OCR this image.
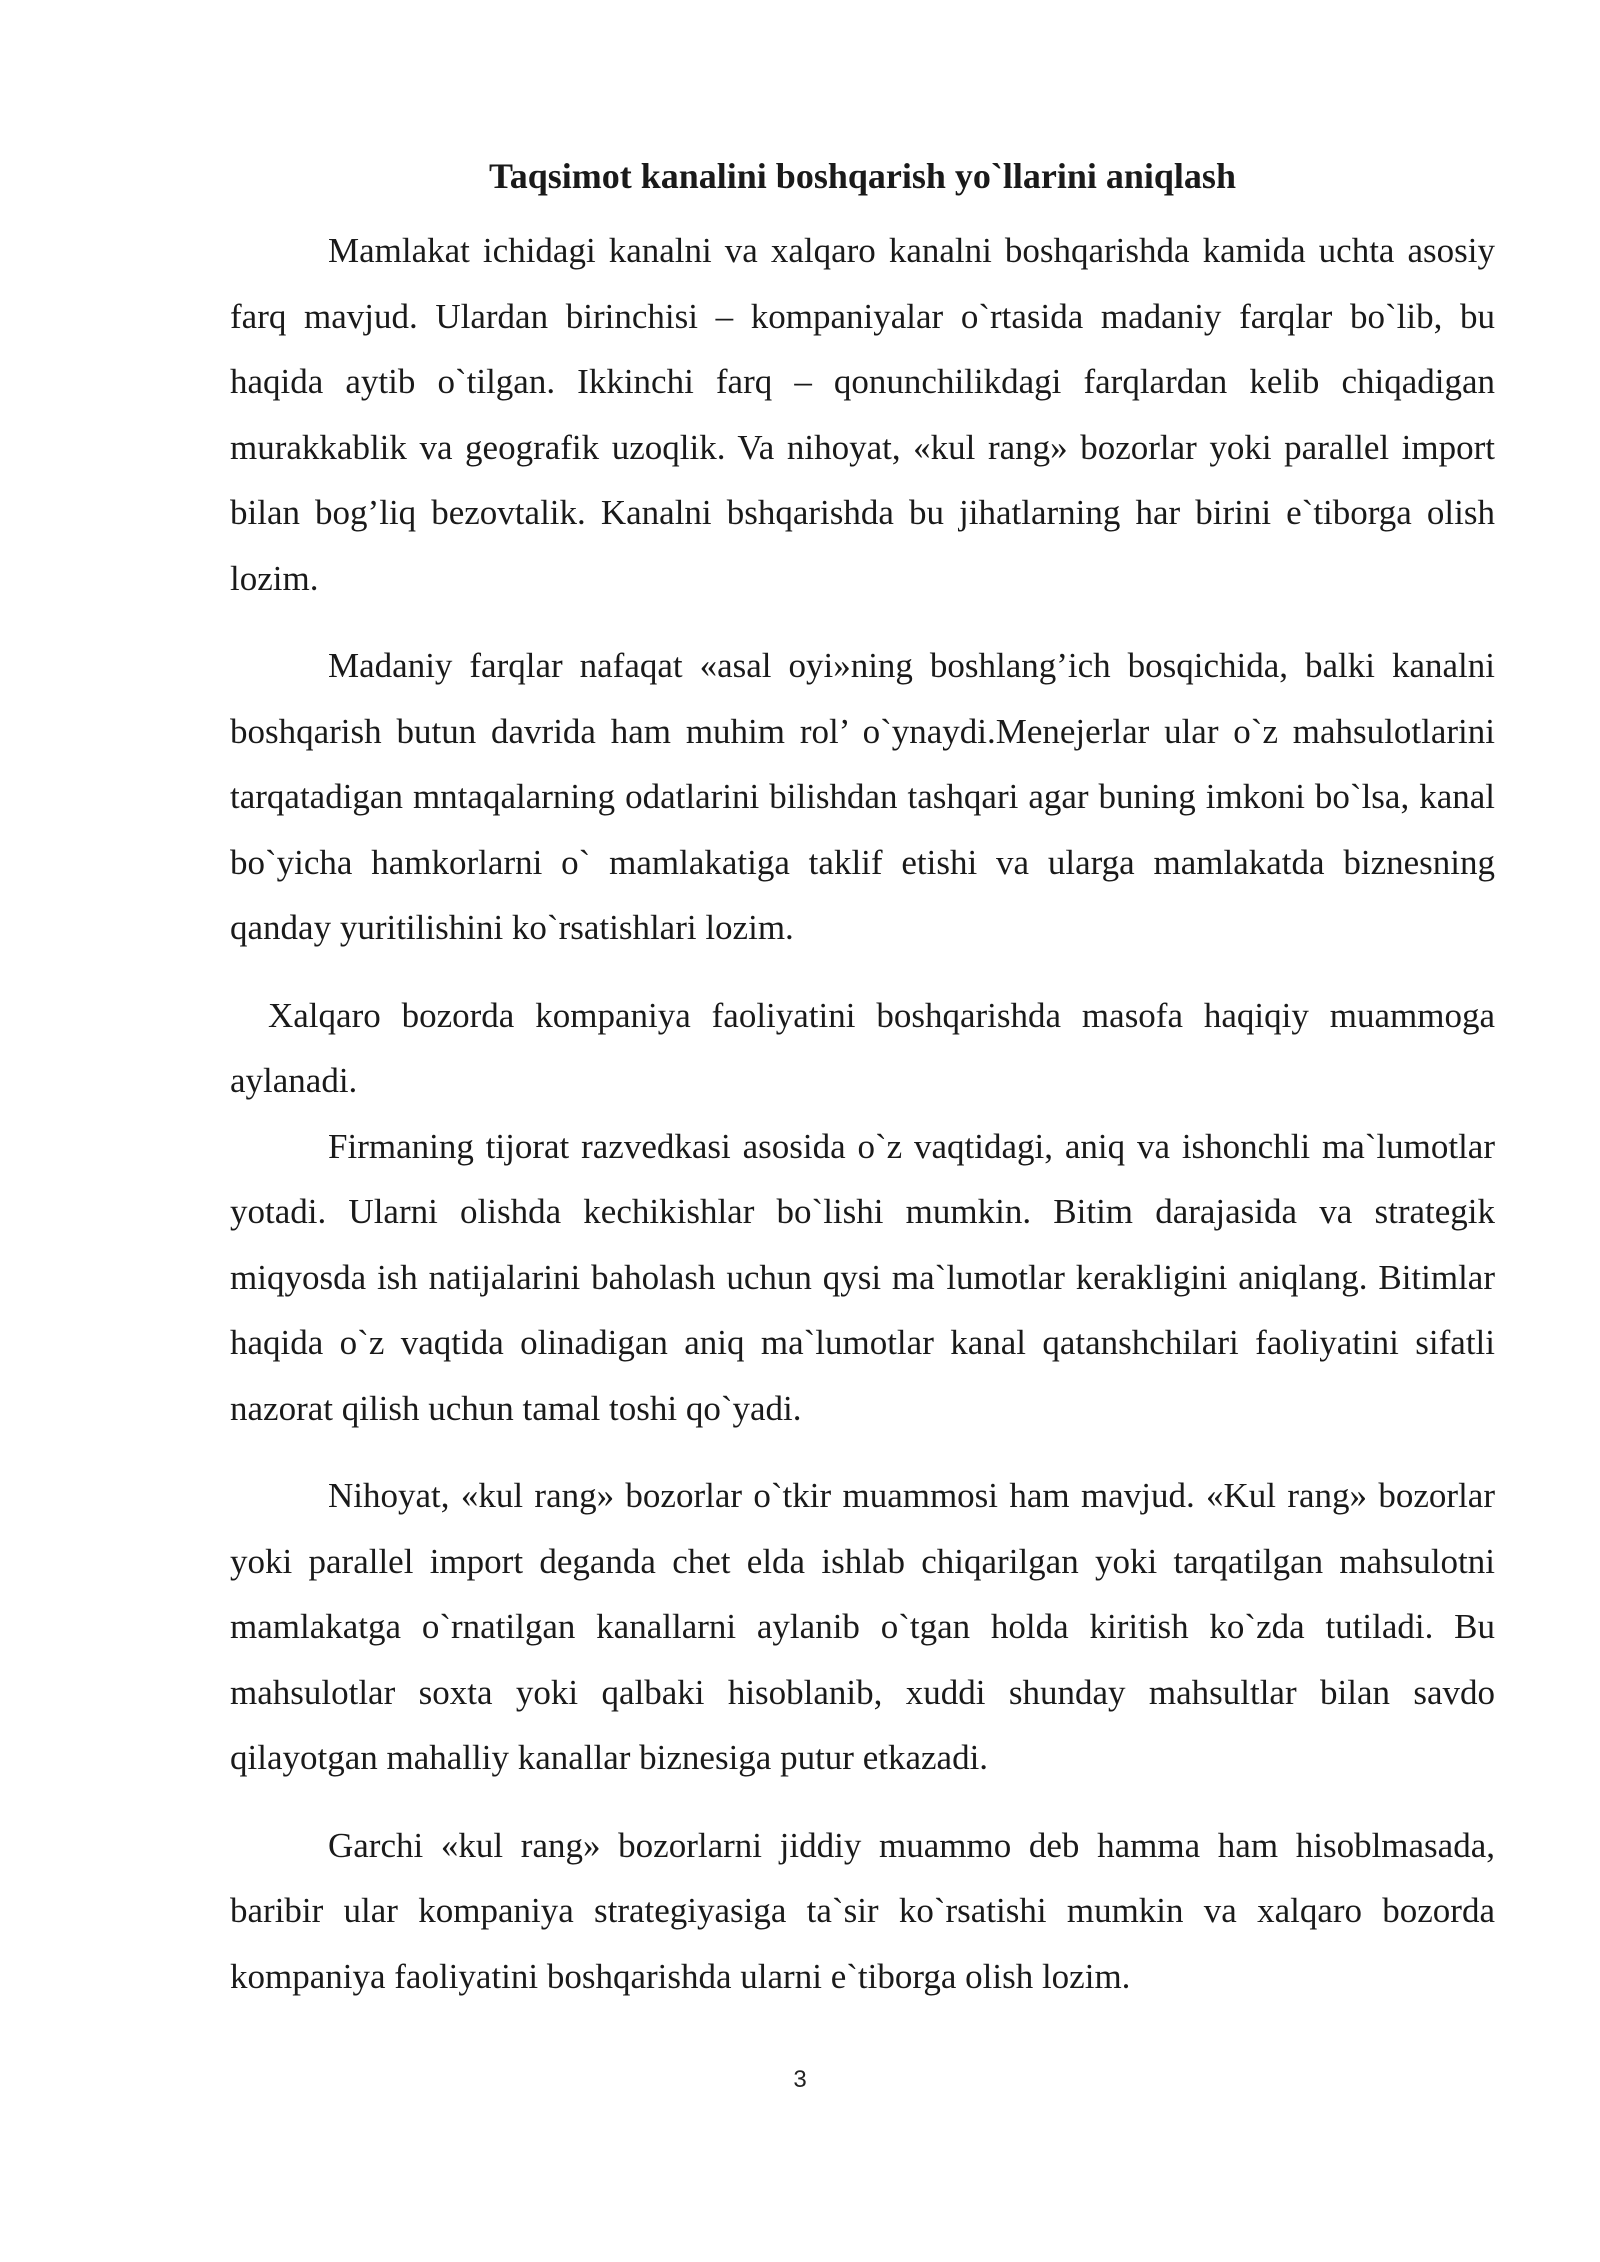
Taqsimot kanalini boshqarish yo`llarini aniqlash

Mamlakat ichidagi kanalni va xalqaro kanalni boshqarishda kamida uchta asosiy farq mavjud. Ulardan birinchisi – kompaniyalar o`rtasida madaniy farqlar bo`lib, bu haqida aytib o`tilgan. Ikkinchi farq – qonunchilikdagi farqlardan kelib chiqadigan murakkablik va geografik uzoqlik. Va nihoyat, «kul rang» bozorlar yoki parallel import bilan bog’liq bezovtalik. Kanalni bshqarishda bu jihatlarning har birini e`tiborga olish lozim.

Madaniy farqlar nafaqat «asal oyi»ning boshlang’ich bosqichida, balki kanalni boshqarish butun davrida ham muhim rol’ o`ynaydi.Menejerlar ular o`z mahsulotlarini tarqatadigan mntaqalarning odatlarini bilishdan tashqari agar buning imkoni bo`lsa, kanal bo`yicha hamkorlarni o` mamlakatiga taklif etishi va ularga mamlakatda biznesning qanday yuritilishini ko`rsatishlari lozim.

Xalqaro bozorda kompaniya faoliyatini boshqarishda masofa haqiqiy muammoga aylanadi.

Firmaning tijorat razvedkasi asosida o`z vaqtidagi, aniq va ishonchli ma`lumotlar yotadi. Ularni olishda kechikishlar bo`lishi mumkin. Bitim darajasida va strategik miqyosda ish natijalarini baholash uchun qysi ma`lumotlar kerakligini aniqlang. Bitimlar haqida o`z vaqtida olinadigan aniq ma`lumotlar kanal qatanshchilari faoliyatini sifatli nazorat qilish uchun tamal toshi qo`yadi.

Nihoyat, «kul rang» bozorlar o`tkir muammosi ham mavjud. «Kul rang» bozorlar yoki parallel import deganda chet elda ishlab chiqarilgan yoki tarqatilgan mahsulotni mamlakatga o`rnatilgan kanallarni aylanib o`tgan holda kiritish ko`zda tutiladi. Bu mahsulotlar soxta yoki qalbaki hisoblanib, xuddi shunday mahsultlar bilan savdo qilayotgan mahalliy kanallar biznesiga putur etkazadi.

Garchi «kul rang» bozorlarni jiddiy muammo deb hamma ham hisoblmasada, baribir ular kompaniya strategiyasiga ta`sir ko`rsatishi mumkin va xalqaro bozorda kompaniya faoliyatini boshqarishda ularni e`tiborga olish lozim.

3
